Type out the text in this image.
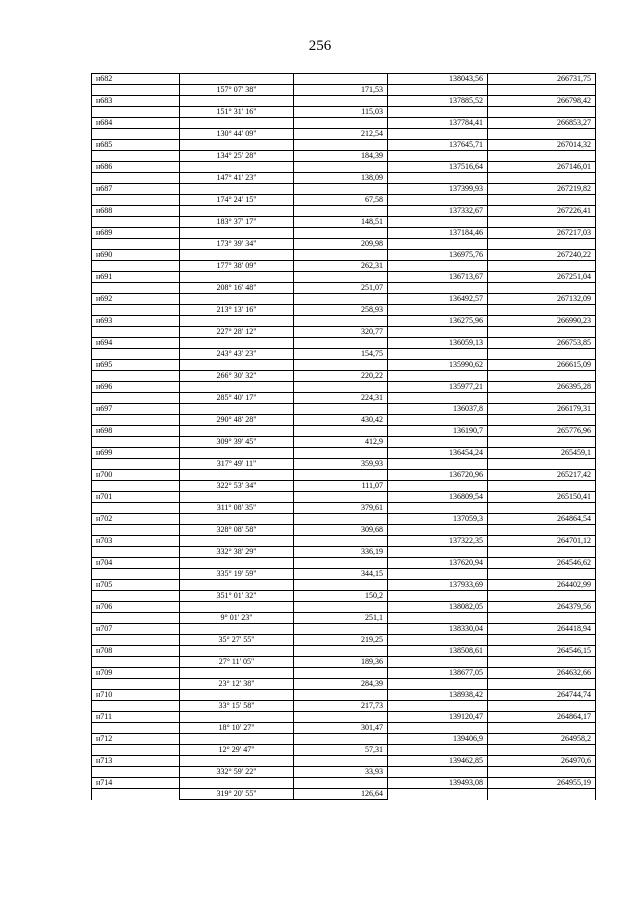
256
н682			138043,56	266731,75
	157° 07' 38"	171,53		
н683			137885,52	266798,42
	151° 31' 16"	115,03		
н684			137784,41	266853,27
	130° 44' 09"	212,54		
н685			137645,71	267014,32
	134° 25' 28"	184,39		
н686			137516,64	267146,01
	147° 41' 23"	138,09		
н687			137399,93	267219,82
	174° 24' 15"	67,58		
н688			137332,67	267226,41
	183° 37' 17"	148,51		
н689			137184,46	267217,03
	173° 39' 34"	209,98		
н690			136975,76	267240,22
	177° 38' 09"	262,31		
н691			136713,67	267251,04
	208° 16' 48"	251,07		
н692			136492,57	267132,09
	213° 13' 16"	258,93		
н693			136275,96	266990,23
	227° 28' 12"	320,77		
н694			136059,13	266753,85
	243° 43' 23"	154,75		
н695			135990,62	266615,09
	266° 30' 32"	220,22		
н696			135977,21	266395,28
	285° 40' 17"	224,31		
н697			136037,8	266179,31
	290° 48' 28"	430,42		
н698			136190,7	265776,96
	309° 39' 45"	412,9		
н699			136454,24	265459,1
	317° 49' 11"	359,93		
н700			136720,96	265217,42
	322° 53' 34"	111,07		
н701			136809,54	265150,41
	311° 08' 35"	379,61		
н702			137059,3	264864,54
	328° 08' 58"	309,68		
н703			137322,35	264701,12
	332° 38' 29"	336,19		
н704			137620,94	264546,62
	335° 19' 59"	344,15		
н705			137933,69	264402,99
	351° 01' 32"	150,2		
н706			138082,05	264379,56
	9° 01' 23"	251,1		
н707			138330,04	264418,94
	35° 27' 55"	219,25		
н708			138508,61	264546,15
	27° 11' 05"	189,36		
н709			138677,05	264632,66
	23° 12' 38"	284,39		
н710			138938,42	264744,74
	33° 15' 58"	217,73		
н711			139120,47	264864,17
	18° 10' 27"	301,47		
н712			139406,9	264958,2
	12° 29' 47"	57,31		
н713			139462,85	264970,6
	332° 59' 22"	33,93		
н714			139493,08	264955,19
	319° 20' 55"	126,64		
